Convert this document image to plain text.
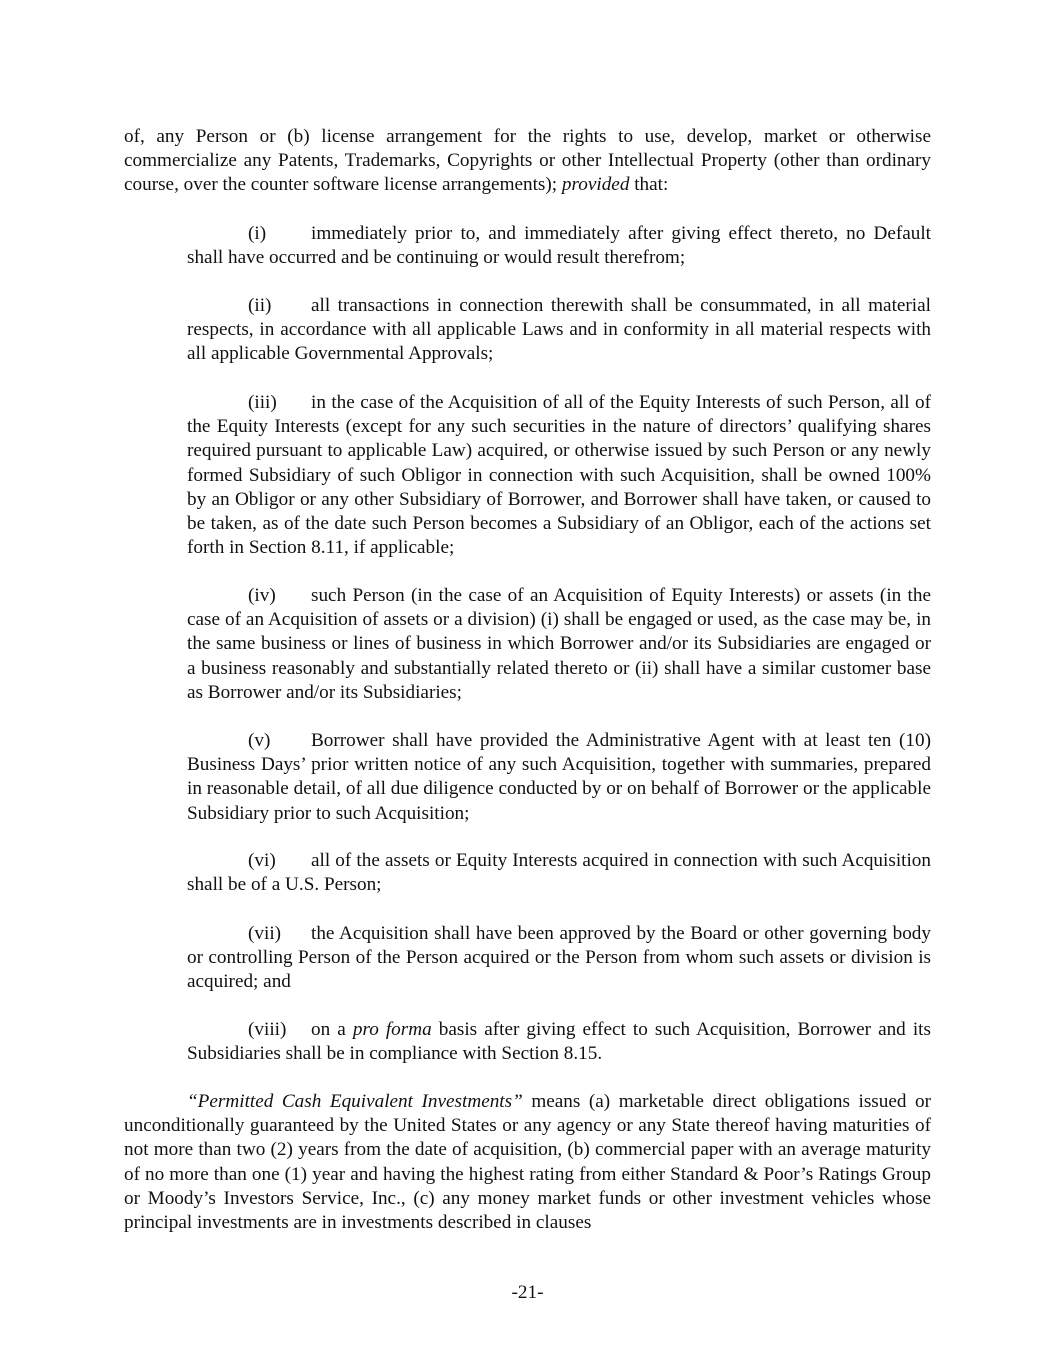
of, any Person or (b) license arrangement for the rights to use, develop, market or otherwise commercialize any Patents, Trademarks, Copyrights or other Intellectual Property (other than ordinary course, over the counter software license arrangements); provided that:

(i) immediately prior to, and immediately after giving effect thereto, no Default shall have occurred and be continuing or would result therefrom;

(ii) all transactions in connection therewith shall be consummated, in all material respects, in accordance with all applicable Laws and in conformity in all material respects with all applicable Governmental Approvals;

(iii) in the case of the Acquisition of all of the Equity Interests of such Person, all of the Equity Interests (except for any such securities in the nature of directors’ qualifying shares required pursuant to applicable Law) acquired, or otherwise issued by such Person or any newly formed Subsidiary of such Obligor in connection with such Acquisition, shall be owned 100% by an Obligor or any other Subsidiary of Borrower, and Borrower shall have taken, or caused to be taken, as of the date such Person becomes a Subsidiary of an Obligor, each of the actions set forth in Section 8.11, if applicable;

(iv) such Person (in the case of an Acquisition of Equity Interests) or assets (in the case of an Acquisition of assets or a division) (i) shall be engaged or used, as the case may be, in the same business or lines of business in which Borrower and/or its Subsidiaries are engaged or a business reasonably and substantially related thereto or (ii) shall have a similar customer base as Borrower and/or its Subsidiaries;

(v) Borrower shall have provided the Administrative Agent with at least ten (10) Business Days’ prior written notice of any such Acquisition, together with summaries, prepared in reasonable detail, of all due diligence conducted by or on behalf of Borrower or the applicable Subsidiary prior to such Acquisition;

(vi) all of the assets or Equity Interests acquired in connection with such Acquisition shall be of a U.S. Person;

(vii) the Acquisition shall have been approved by the Board or other governing body or controlling Person of the Person acquired or the Person from whom such assets or division is acquired; and

(viii) on a pro forma basis after giving effect to such Acquisition, Borrower and its Subsidiaries shall be in compliance with Section 8.15.

“Permitted Cash Equivalent Investments” means (a) marketable direct obligations issued or unconditionally guaranteed by the United States or any agency or any State thereof having maturities of not more than two (2) years from the date of acquisition, (b) commercial paper with an average maturity of no more than one (1) year and having the highest rating from either Standard & Poor’s Ratings Group or Moody’s Investors Service, Inc., (c) any money market funds or other investment vehicles whose principal investments are in investments described in clauses

-21-
